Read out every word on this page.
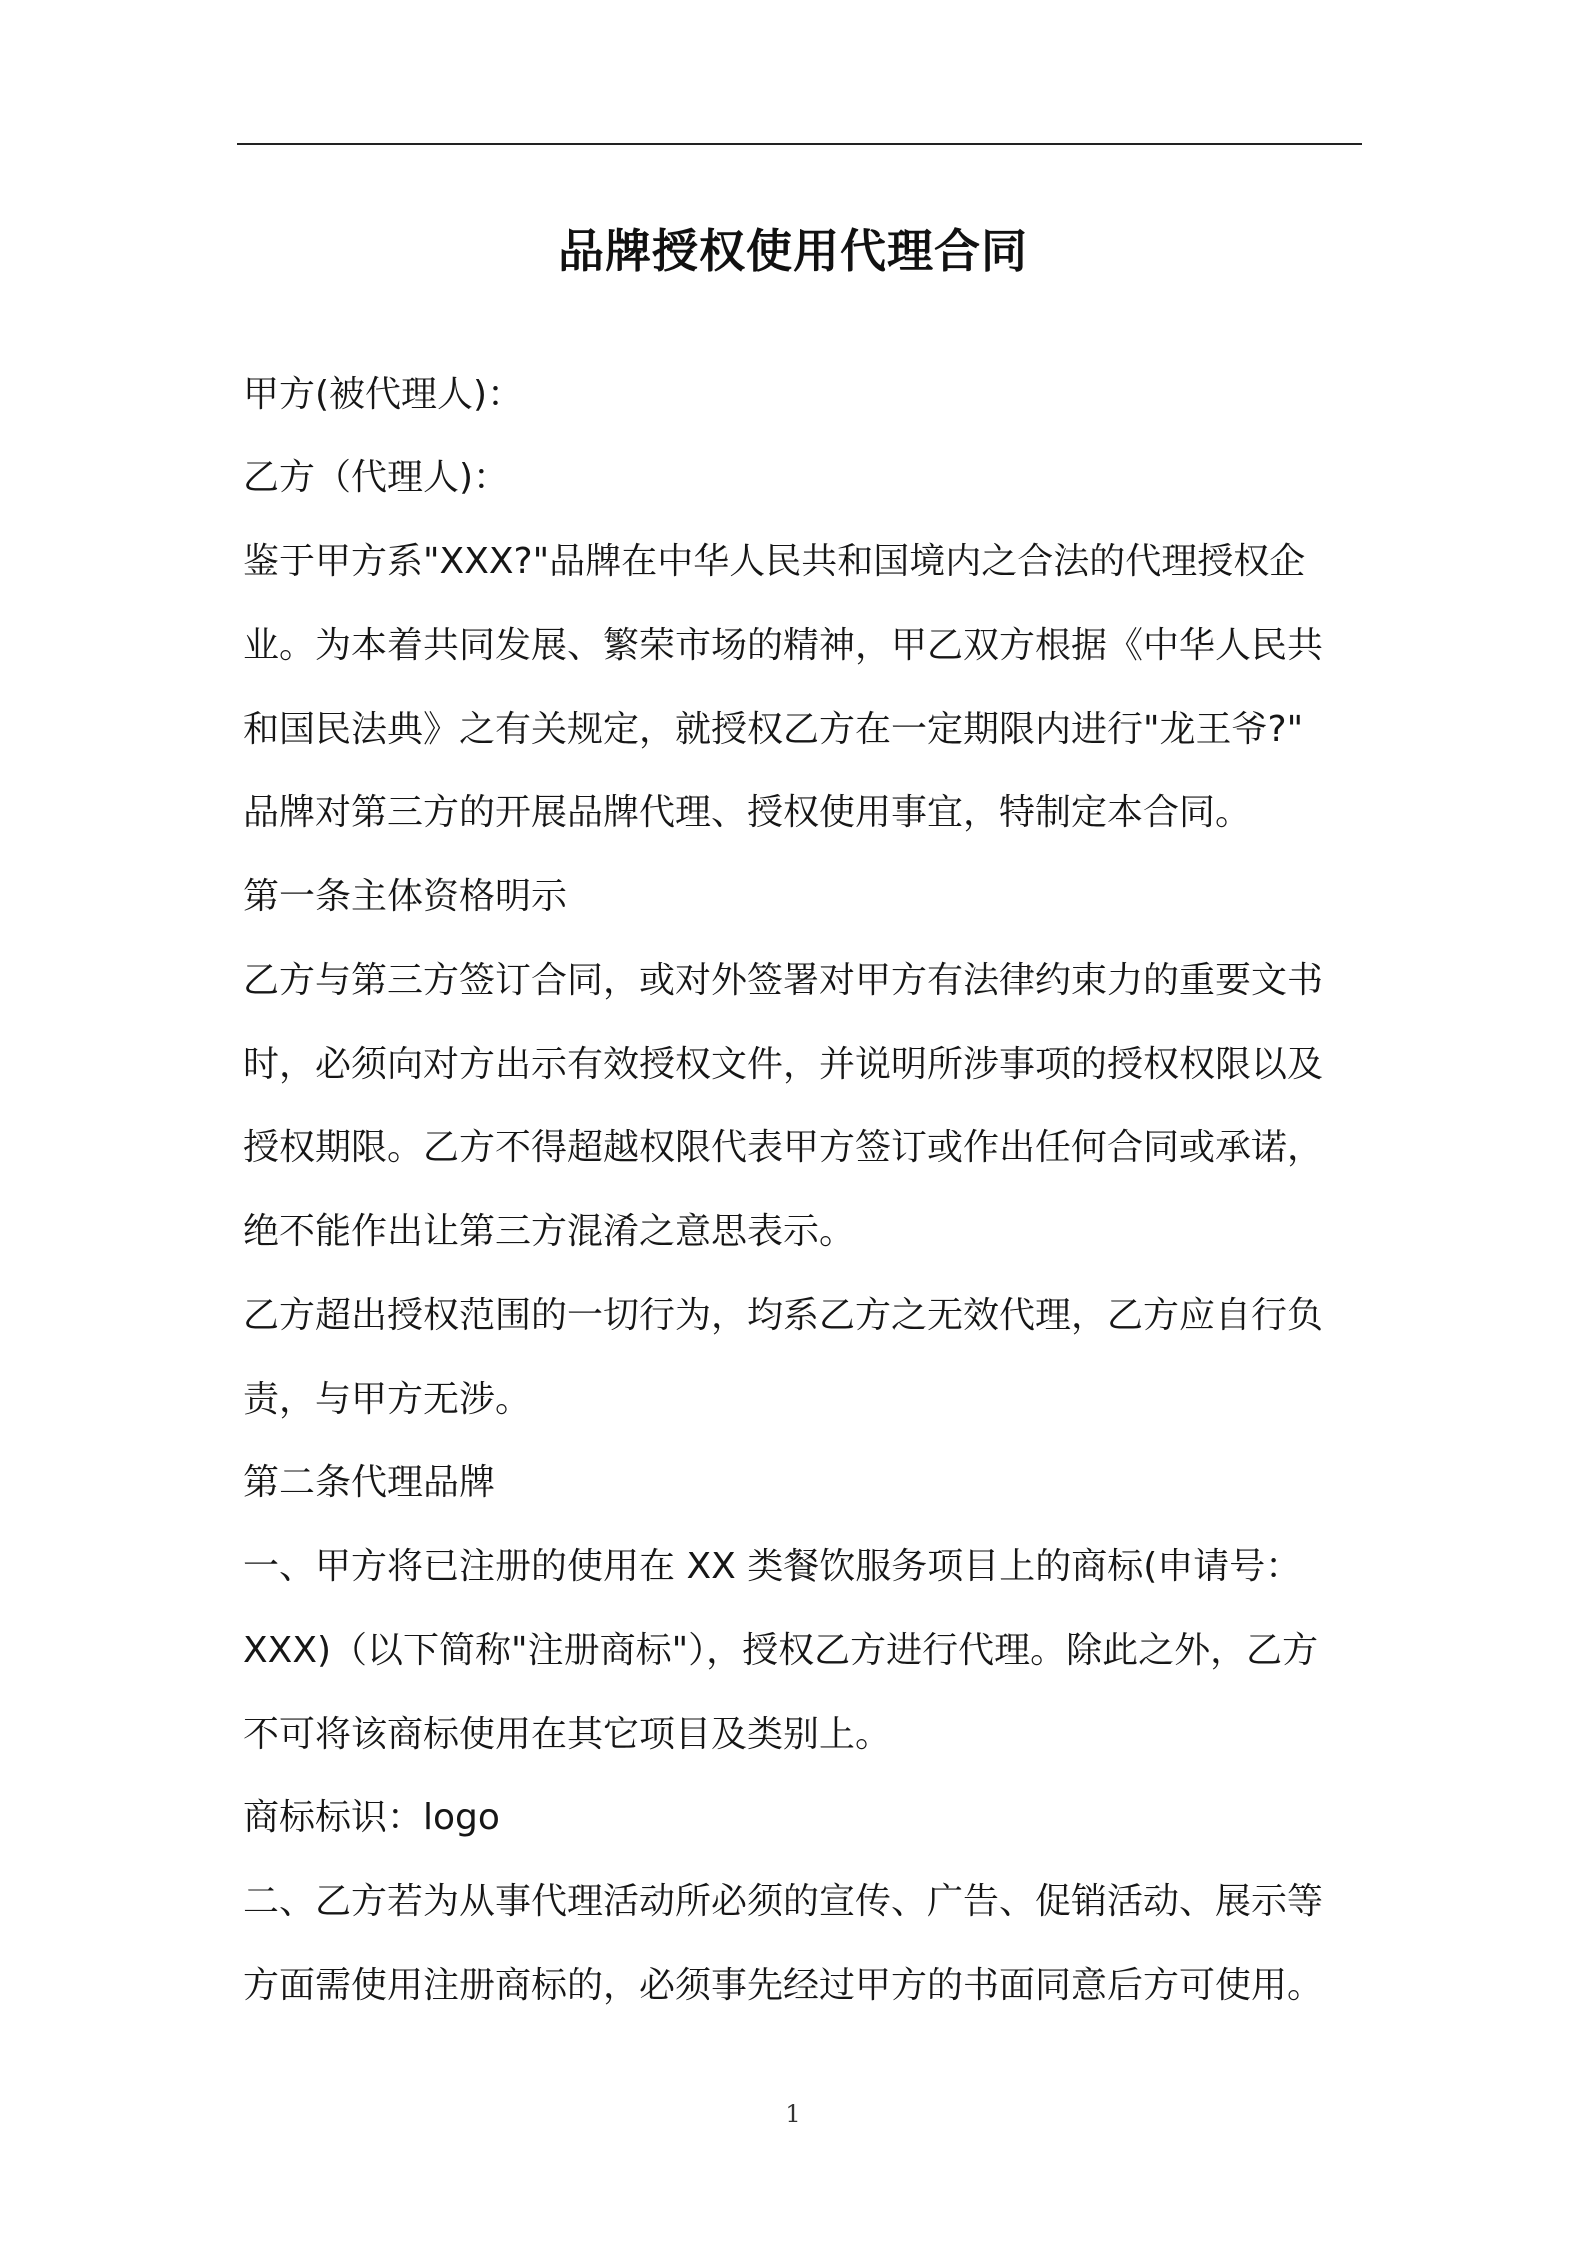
品牌授权使用代理合同
甲方(被代理人)：
乙方（代理人)：
鉴于甲方系"XXX?"品牌在中华人民共和国境内之合法的代理授权企
业。为本着共同发展、繁荣市场的精神，甲乙双方根据《中华人民共
和国民法典》之有关规定，就授权乙方在一定期限内进行"龙王爷?"
品牌对第三方的开展品牌代理、授权使用事宜，特制定本合同。
第一条主体资格明示
乙方与第三方签订合同，或对外签署对甲方有法律约束力的重要文书
时，必须向对方出示有效授权文件，并说明所涉事项的授权权限以及
授权期限。乙方不得超越权限代表甲方签订或作出任何合同或承诺，
绝不能作出让第三方混淆之意思表示。
乙方超出授权范围的一切行为，均系乙方之无效代理，乙方应自行负
责，与甲方无涉。
第二条代理品牌
一、甲方将已注册的使用在 XX 类餐饮服务项目上的商标(申请号：
XXX)（以下简称"注册商标"），授权乙方进行代理。除此之外，乙方
不可将该商标使用在其它项目及类别上。
商标标识：logo
二、乙方若为从事代理活动所必须的宣传、广告、促销活动、展示等
方面需使用注册商标的，必须事先经过甲方的书面同意后方可使用。
1
